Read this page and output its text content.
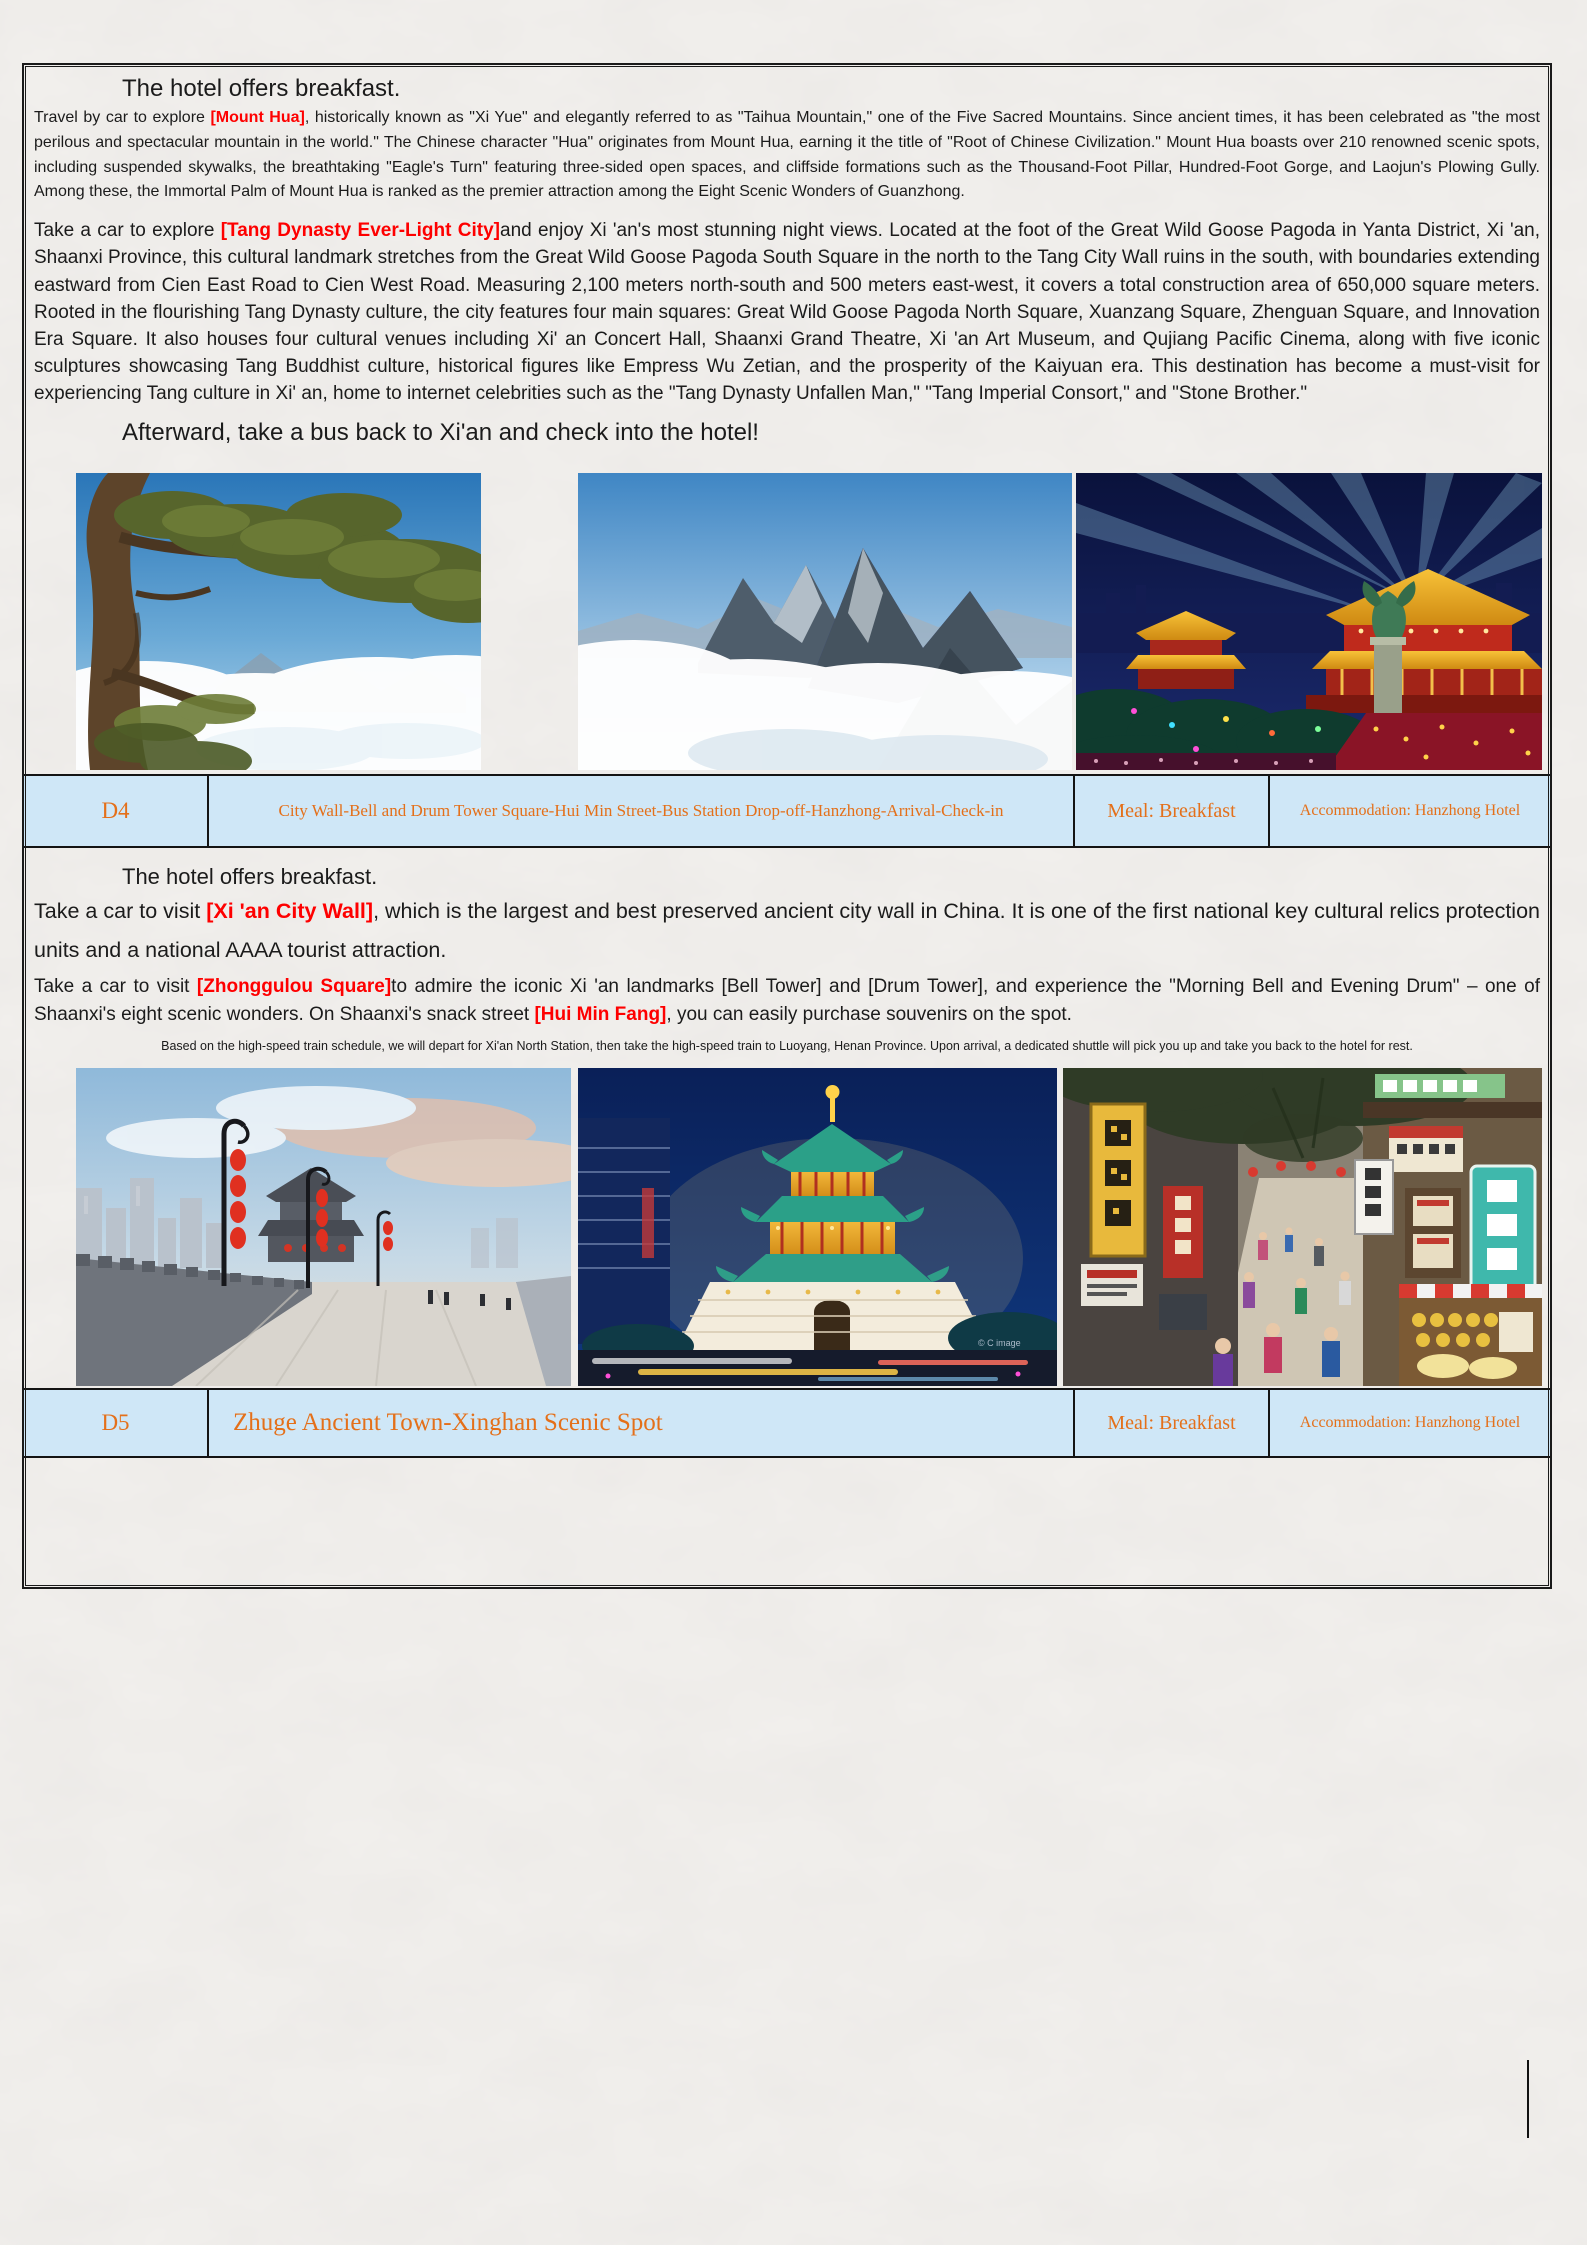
The hotel offers breakfast.

Travel by car to explore [Mount Hua], historically known as "Xi Yue" and elegantly referred to as "Taihua Mountain," one of the Five Sacred Mountains. Since ancient times, it has been celebrated as "the most perilous and spectacular mountain in the world." The Chinese character "Hua" originates from Mount Hua, earning it the title of "Root of Chinese Civilization." Mount Hua boasts over 210 renowned scenic spots, including suspended skywalks, the breathtaking "Eagle's Turn" featuring three-sided open spaces, and cliffside formations such as the Thousand-Foot Pillar, Hundred-Foot Gorge, and Laojun's Plowing Gully. Among these, the Immortal Palm of Mount Hua is ranked as the premier attraction among the Eight Scenic Wonders of Guanzhong.

Take a car to explore [Tang Dynasty Ever-Light City]and enjoy Xi 'an's most stunning night views. Located at the foot of the Great Wild Goose Pagoda in Yanta District, Xi 'an, Shaanxi Province, this cultural landmark stretches from the Great Wild Goose Pagoda South Square in the north to the Tang City Wall ruins in the south, with boundaries extending eastward from Cien East Road to Cien West Road. Measuring 2,100 meters north-south and 500 meters east-west, it covers a total construction area of 650,000 square meters. Rooted in the flourishing Tang Dynasty culture, the city features four main squares: Great Wild Goose Pagoda North Square, Xuanzang Square, Zhenguan Square, and Innovation Era Square. It also houses four cultural venues including Xi' an Concert Hall, Shaanxi Grand Theatre, Xi 'an Art Museum, and Qujiang Pacific Cinema, along with five iconic sculptures showcasing Tang Buddhist culture, historical figures like Empress Wu Zetian, and the prosperity of the Kaiyuan era. This destination has become a must-visit for experiencing Tang culture in Xi' an, home to internet celebrities such as the "Tang Dynasty Unfallen Man," "Tang Imperial Consort," and "Stone Brother."

Afterward, take a bus back to Xi'an and check into the hotel!
D4	City Wall-Bell and Drum Tower Square-Hui Min Street-Bus Station Drop-off-Hanzhong-Arrival-Check-in	Meal: Breakfast	Accommodation: Hanzhong Hotel
The hotel offers breakfast.

Take a car to visit [Xi 'an City Wall], which is the largest and best preserved ancient city wall in China. It is one of the first national key cultural relics protection units and a national AAAA tourist attraction.

Take a car to visit [Zhonggulou Square]to admire the iconic Xi 'an landmarks [Bell Tower] and [Drum Tower], and experience the "Morning Bell and Evening Drum" – one of Shaanxi's eight scenic wonders. On Shaanxi's snack street [Hui Min Fang], you can easily purchase souvenirs on the spot.

Based on the high-speed train schedule, we will depart for Xi'an North Station, then take the high-speed train to Luoyang, Henan Province. Upon arrival, a dedicated shuttle will pick you up and take you back to the hotel for rest.
© C image
D5	Zhuge Ancient Town-Xinghan Scenic Spot	Meal: Breakfast	Accommodation: Hanzhong Hotel
